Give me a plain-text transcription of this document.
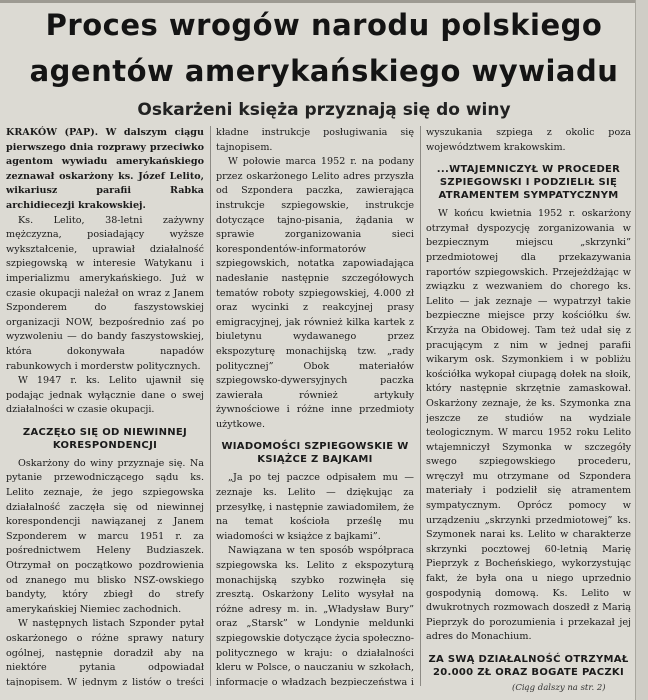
Proces wrogów narodu polskiego
agentów amerykańskiego wywiadu
Oskarżeni księża przyznają się do winy

KRAKÓW (PAP). W dalszym ciągu pierwszego dnia rozprawy przeciwko agentom wywiadu amerykańskiego zeznawał oskarżony ks. Józef Lelito, wikariusz parafii Rabka archidiecezji krakowskiej.

Ks. Lelito, 38-letni zażywny mężczyzna, posiadający wyższe wykształcenie, uprawiał działalność szpiegowską w interesie Watykanu i imperializmu amerykańskiego. Już w czasie okupacji należał on wraz z Janem Szponderem do faszystowskiej organizacji NOW, bezpośrednio zaś po wyzwoleniu — do bandy faszystowskiej, która dokonywała napadów rabunkowych i morderstw politycznych.

W 1947 r. ks. Lelito ujawnił się podając jednak wyłącznie dane o swej działalności w czasie okupacji.

ZACZĘŁO SIĘ OD NIEWINNEJ KORESPONDENCJI

Oskarżony do winy przyznaje się. Na pytanie przewodniczącego sądu ks. Lelito zeznaje, że jego szpiegowska działalność zaczęła się od niewinnej korespondencji nawiązanej z Janem Szponderem w marcu 1951 r. za pośrednictwem Heleny Budziaszek. Otrzymał on początkowo pozdrowienia od znanego mu blisko NSZ-owskiego bandyty, który zbiegł do strefy amerykańskiej Niemiec zachodnich.

W następnych listach Szponder pytał oskarżonego o różne sprawy natury ogólnej, następnie doradził aby na niektóre pytania odpowiadał tajnopisem. W jednym z listów o treści

kładne instrukcje posługiwania się tajnopisem.

W połowie marca 1952 r. na podany przez oskarżonego Lelito adres przyszła od Szpondera paczka, zawierająca instrukcje szpiegowskie, instrukcje dotyczące tajno-pisania, żądania w sprawie zorganizowania sieci korespondentów-informatorów szpiegowskich, notatka zapowiadająca nadesłanie następnie szczegółowych tematów roboty szpiegowskiej, 4.000 zł oraz wycinki z reakcyjnej prasy emigracyjnej, jak również kilka kartek z biuletynu wydawanego przez ekspozyturę monachijską tzw. „rady politycznej” Obok materiałów szpiegowsko-dywersyjnych paczka zawierała również artykuły żywnościowe i różne inne przedmioty użytkowe.

WIADOMOŚCI SZPIEGOWSKIE W KSIĄŻCE Z BAJKAMI

„Ja po tej paczce odpisałem mu — zeznaje ks. Lelito — dziękując za przesyłkę, i następnie zawiadomiłem, że na temat kościoła prześlę mu wiadomości w książce z bajkami”.

Nawiązana w ten sposób współpraca szpiegowska ks. Lelito z ekspozyturą monachijską szybko rozwinęła się zresztą. Oskarżony Lelito wysyłał na różne adresy m. in. „Władysław Bury” oraz „Starsk” w Londynie meldunki szpiegowskie dotyczące życia społeczno-politycznego w kraju: o działalności kleru w Polsce, o nauczaniu w szkołach, informacje o władzach bezpieczeństwa i

wyszukania szpiega z okolic poza województwem krakowskim.

...WTAJEMNICZYŁ W PROCEDER SZPIEGOWSKI I PODZIELIŁ SIĘ ATRAMENTEM SYMPATYCZNYM

W końcu kwietnia 1952 r. oskarżony otrzymał dyspozycję zorganizowania w bezpiecznym miejscu „skrzynki” przedmiotowej dla przekazywania raportów szpiegowskich. Przejeżdżając w związku z wezwaniem do chorego ks. Lelito — jak zeznaje — wypatrzył takie bezpieczne miejsce przy kościółku św. Krzyża na Obidowej. Tam też udał się z pracującym z nim w jednej parafii wikarym osk. Szymonkiem i w pobliżu kościółka wykopał ciupagą dołek na słoik, który następnie skrzętnie zamaskował. Oskarżony zeznaje, że ks. Szymonka zna jeszcze ze studiów na wydziale teologicznym. W marcu 1952 roku Lelito wtajemniczył Szymonka w szczegóły swego szpiegowskiego procederu, wręczył mu otrzymane od Szpondera materiały i podzielił się atramentem sympatycznym. Oprócz pomocy w urządzeniu „skrzynki przedmiotowej” ks. Szymonek narai ks. Lelito w charakterze skrzynki pocztowej 60-letnią Marię Pieprzyk z Bocheńskiego, wykorzystując fakt, że była ona u niego uprzednio gospodynią domową. Ks. Lelito w dwukrotnych rozmowach doszedł z Marią Pieprzyk do porozumienia i przekazał jej adres do Monachium.

ZA SWĄ DZIAŁALNOŚĆ OTRZYMAŁ 20.000 ZŁ ORAZ BOGATE PACZKI

(Ciąg dalszy na str. 2)
